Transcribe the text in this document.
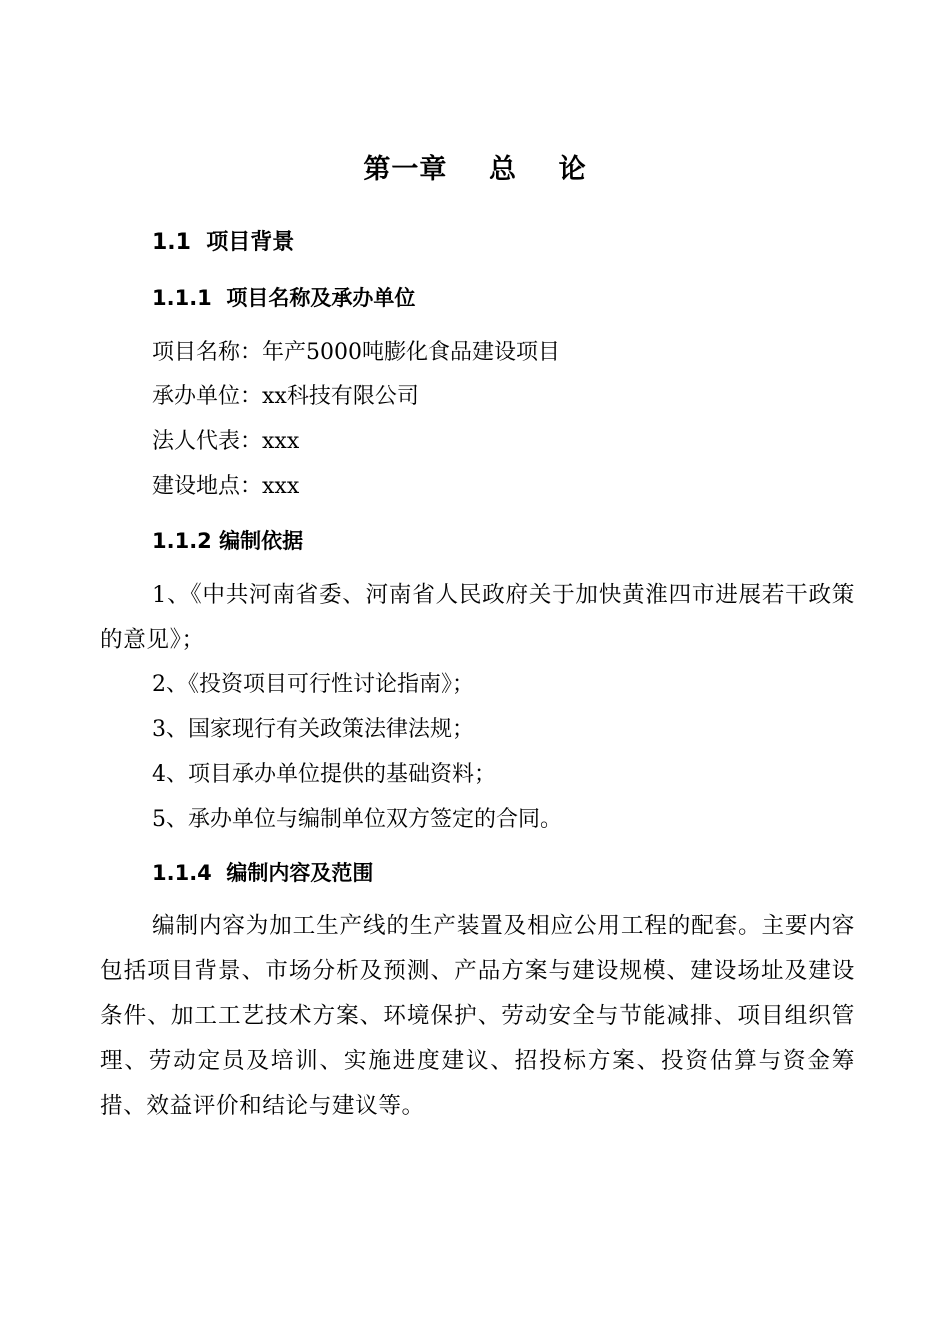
第一章    总    论
1.1  项目背景
1.1.1  项目名称及承办单位

项目名称：年产5000吨膨化食品建设项目

承办单位：xx科技有限公司

法人代表：xxx

建设地点：xxx

1.1.2 编制依据

1、《中共河南省委、河南省人民政府关于加快黄淮四市进展若干政策的意见》；

2、《投资项目可行性讨论指南》；

3、国家现行有关政策法律法规；

4、项目承办单位提供的基础资料；

5、承办单位与编制单位双方签定的合同。

1.1.4  编制内容及范围

编制内容为加工生产线的生产装置及相应公用工程的配套。主要内容包括项目背景、市场分析及预测、产品方案与建设规模、建设场址及建设条件、加工工艺技术方案、环境保护、劳动安全与节能减排、项目组织管理、劳动定员及培训、实施进度建议、招投标方案、投资估算与资金筹措、效益评价和结论与建议等。
